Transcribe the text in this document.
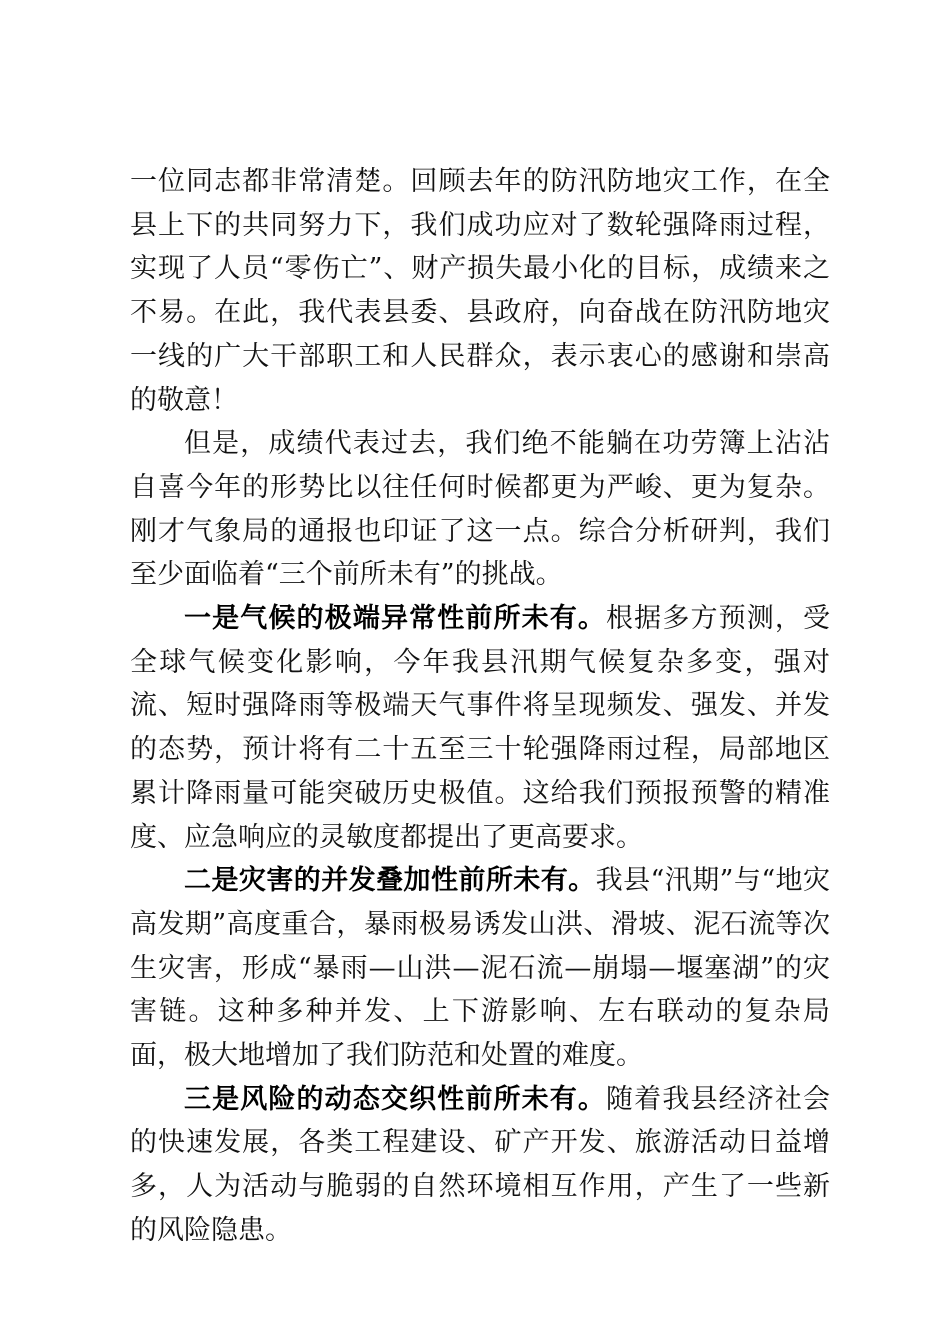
一位同志都非常清楚。回顾去年的防汛防地灾工作，在全县上下的共同努力下，我们成功应对了数轮强降雨过程，实现了人员“零伤亡”、财产损失最小化的目标，成绩来之不易。在此，我代表县委、县政府，向奋战在防汛防地灾一线的广大干部职工和人民群众，表示衷心的感谢和崇高的敬意！

但是，成绩代表过去，我们绝不能躺在功劳簿上沾沾自喜今年的形势比以往任何时候都更为严峻、更为复杂。刚才气象局的通报也印证了这一点。综合分析研判，我们至少面临着“三个前所未有”的挑战。

一是气候的极端异常性前所未有。根据多方预测，受全球气候变化影响，今年我县汛期气候复杂多变，强对流、短时强降雨等极端天气事件将呈现频发、强发、并发的态势，预计将有二十五至三十轮强降雨过程，局部地区累计降雨量可能突破历史极值。这给我们预报预警的精准度、应急响应的灵敏度都提出了更高要求。

二是灾害的并发叠加性前所未有。我县“汛期”与“地灾高发期”高度重合，暴雨极易诱发山洪、滑坡、泥石流等次生灾害，形成“暴雨—山洪—泥石流—崩塌—堰塞湖”的灾害链。这种多种并发、上下游影响、左右联动的复杂局面，极大地增加了我们防范和处置的难度。

三是风险的动态交织性前所未有。随着我县经济社会的快速发展，各类工程建设、矿产开发、旅游活动日益增多，人为活动与脆弱的自然环境相互作用，产生了一些新的风险隐患。
